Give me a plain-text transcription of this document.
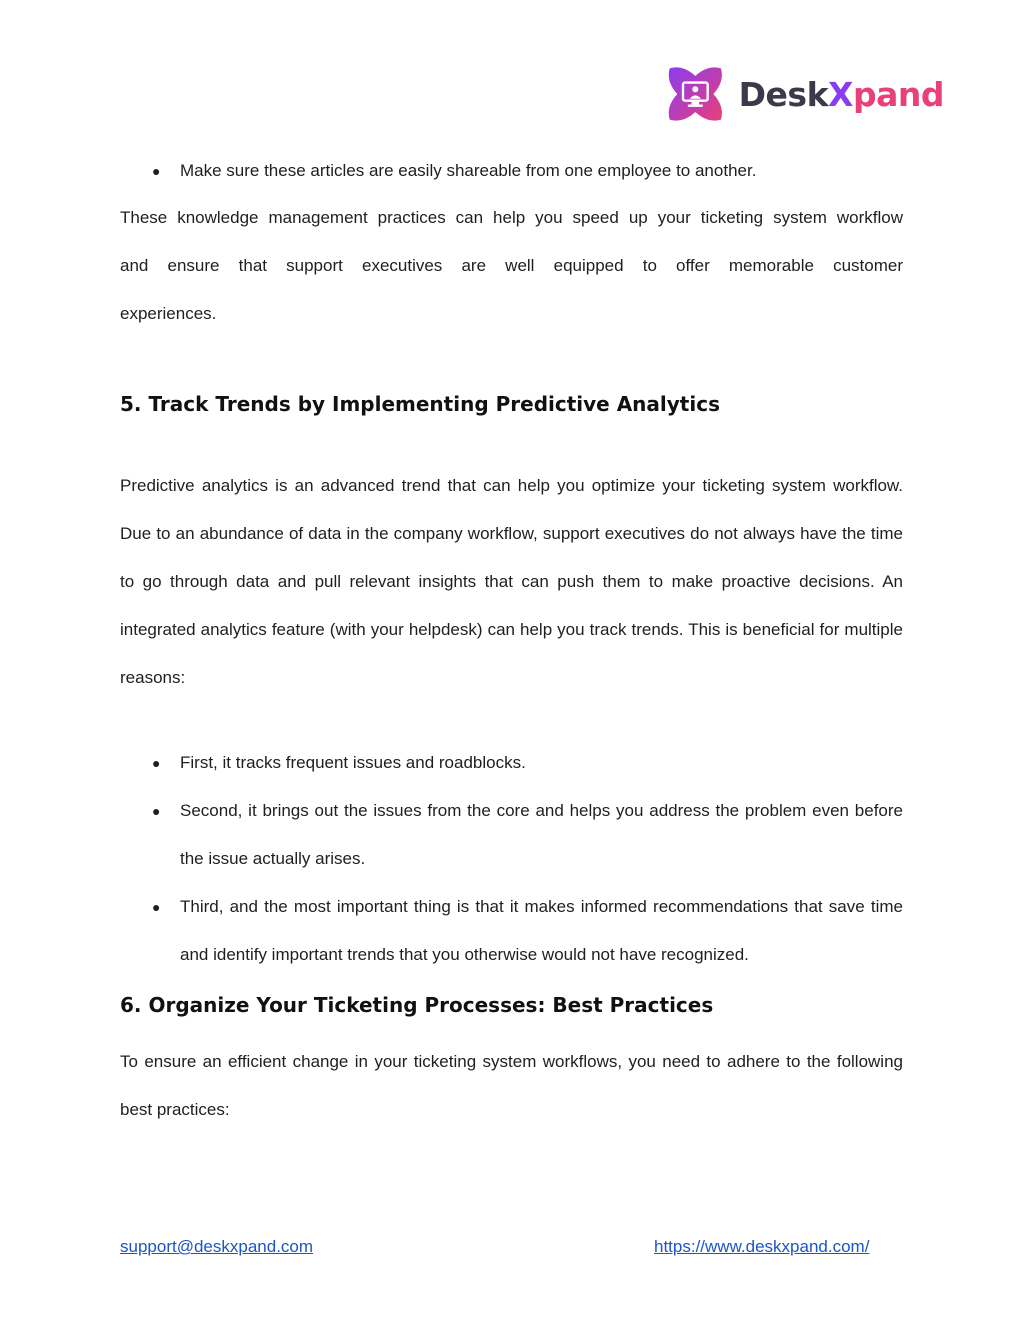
DeskXpand
● Make sure these articles are easily shareable from one employee to another.

These knowledge management practices can help you speed up your ticketing system workflow

and ensure that support executives are well equipped to offer memorable customer

experiences.

5. Track Trends by Implementing Predictive Analytics

Predictive analytics is an advanced trend that can help you optimize your ticketing system workflow. Due to an abundance of data in the company workflow, support executives do not always have the time to go through data and pull relevant insights that can push them to make proactive decisions. An integrated analytics feature (with your helpdesk) can help you track trends. This is beneficial for multiple reasons:

● First, it tracks frequent issues and roadblocks.
● Second, it brings out the issues from the core and helps you address the problem even before the issue actually arises.
● Third, and the most important thing is that it makes informed recommendations that save time and identify important trends that you otherwise would not have recognized.
6. Organize Your Ticketing Processes: Best Practices

To ensure an efficient change in your ticketing system workflows, you need to adhere to the following best practices:

support@deskxpand.com	https://www.deskxpand.com/
